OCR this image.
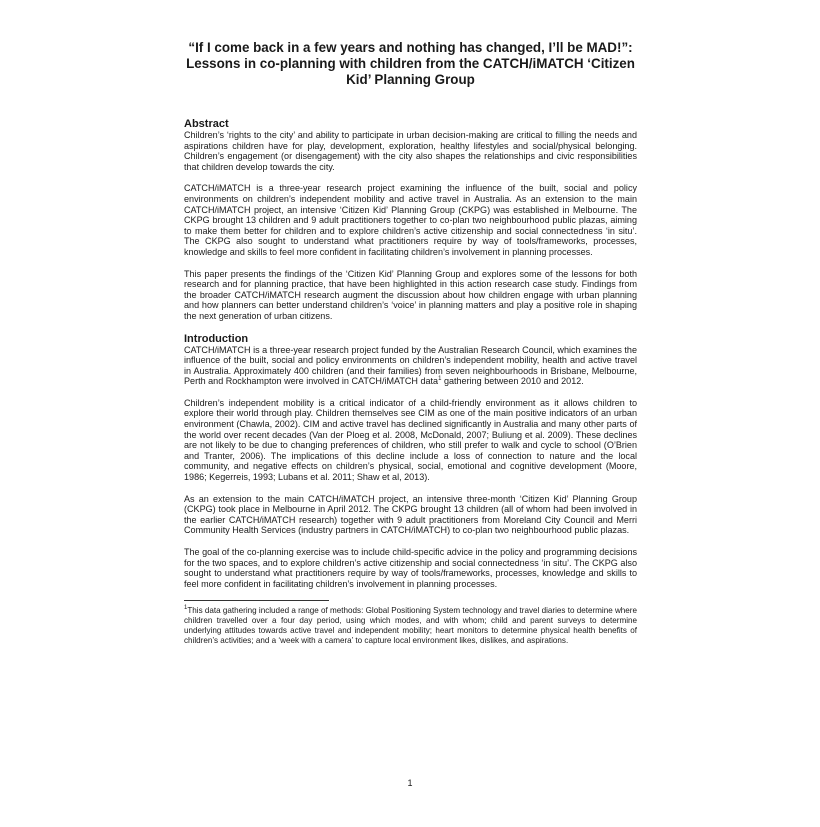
“If I come back in a few years and nothing has changed, I’ll be MAD!”: Lessons in co-planning with children from the CATCH/iMATCH ‘Citizen Kid’ Planning Group
Abstract

Children’s ‘rights to the city’ and ability to participate in urban decision-making are critical to filling the needs and aspirations children have for play, development, exploration, healthy lifestyles and social/physical belonging. Children’s engagement (or disengagement) with the city also shapes the relationships and civic responsibilities that children develop towards the city.

CATCH/iMATCH is a three-year research project examining the influence of the built, social and policy environments on children’s independent mobility and active travel in Australia. As an extension to the main CATCH/iMATCH project, an intensive ‘Citizen Kid’ Planning Group (CKPG) was established in Melbourne. The CKPG brought 13 children and 9 adult practitioners together to co-plan two neighbourhood public plazas, aiming to make them better for children and to explore children’s active citizenship and social connectedness ‘in situ’. The CKPG also sought to understand what practitioners require by way of tools/frameworks, processes, knowledge and skills to feel more confident in facilitating children’s involvement in planning processes.

This paper presents the findings of the ‘Citizen Kid’ Planning Group and explores some of the lessons for both research and for planning practice, that have been highlighted in this action research case study. Findings from the broader CATCH/iMATCH research augment the discussion about how children engage with urban planning and how planners can better understand children’s ‘voice’ in planning matters and play a positive role in shaping the next generation of urban citizens.

Introduction

CATCH/iMATCH is a three-year research project funded by the Australian Research Council, which examines the influence of the built, social and policy environments on children’s independent mobility, health and active travel in Australia. Approximately 400 children (and their families) from seven neighbourhoods in Brisbane, Melbourne, Perth and Rockhampton were involved in CATCH/iMATCH data$^1$ gathering between 2010 and 2012.

Children’s independent mobility is a critical indicator of a child-friendly environment as it allows children to explore their world through play. Children themselves see CIM as one of the main positive indicators of an urban environment (Chawla, 2002). CIM and active travel has declined significantly in Australia and many other parts of the world over recent decades (Van der Ploeg et al. 2008, McDonald, 2007; Buliung et al. 2009). These declines are not likely to be due to changing preferences of children, who still prefer to walk and cycle to school (O’Brien and Tranter, 2006). The implications of this decline include a loss of connection to nature and the local community, and negative effects on children’s physical, social, emotional and cognitive development (Moore, 1986; Kegerreis, 1993; Lubans et al. 2011; Shaw et al, 2013).

As an extension to the main CATCH/iMATCH project, an intensive three-month ‘Citizen Kid’ Planning Group (CKPG) took place in Melbourne in April 2012. The CKPG brought 13 children (all of whom had been involved in the earlier CATCH/iMATCH research) together with 9 adult practitioners from Moreland City Council and Merri Community Health Services (industry partners in CATCH/iMATCH) to co-plan two neighbourhood public plazas.

The goal of the co-planning exercise was to include child-specific advice in the policy and programming decisions for the two spaces, and to explore children’s active citizenship and social connectedness ‘in situ’. The CKPG also sought to understand what practitioners require by way of tools/frameworks, processes, knowledge and skills to feel more confident in facilitating children’s involvement in planning processes.

$^1$This data gathering included a range of methods: Global Positioning System technology and travel diaries to determine where children travelled over a four day period, using which modes, and with whom; child and parent surveys to determine underlying attitudes towards active travel and independent mobility; heart monitors to determine physical health benefits of children’s activities; and a ‘week with a camera’ to capture local environment likes, dislikes, and aspirations.

1
